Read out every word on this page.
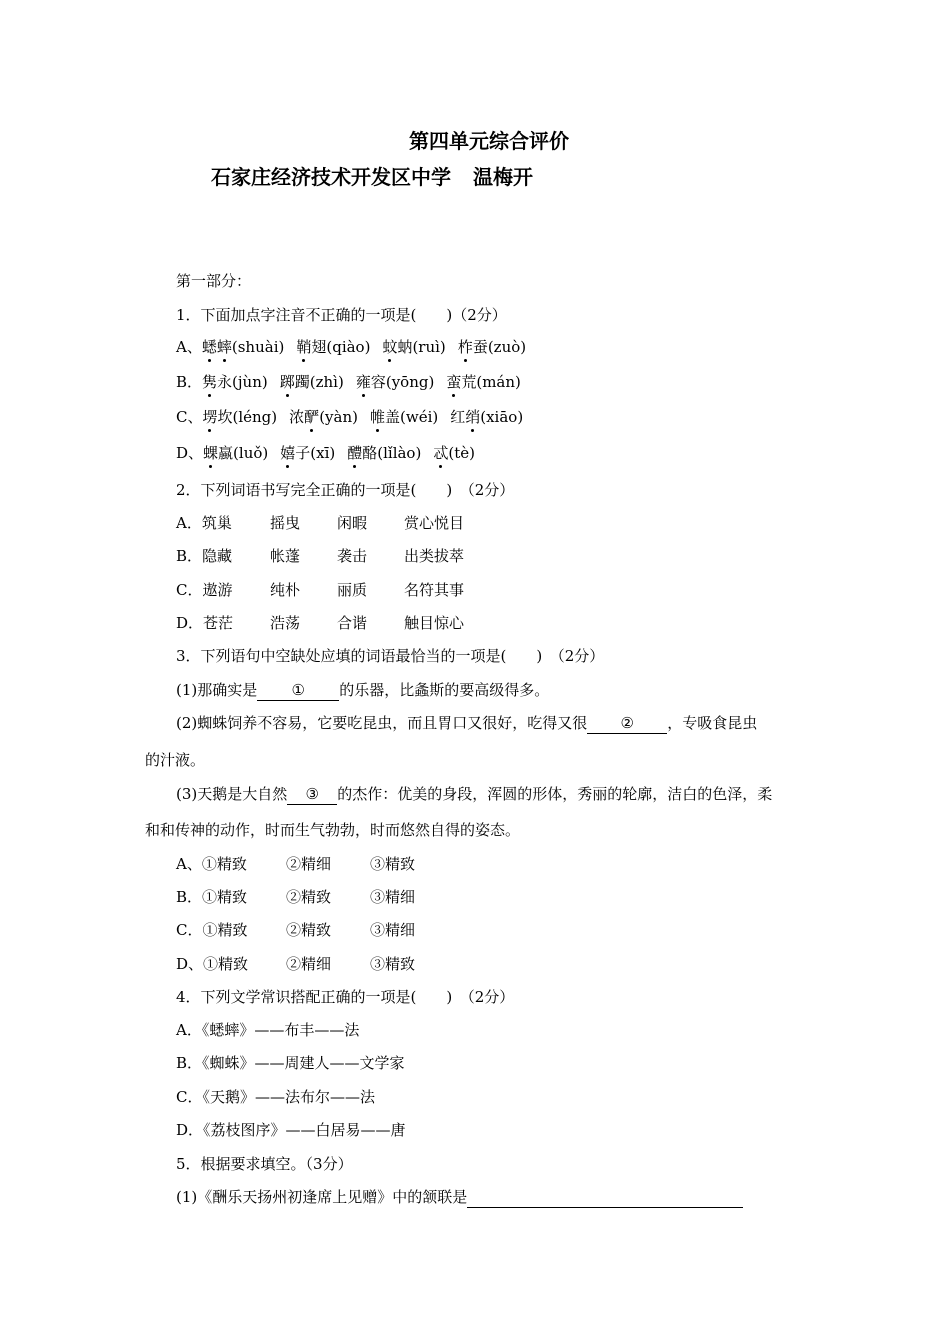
第四单元综合评价
石家庄经济技术开发区中学 温梅开
第一部分：
1．下面加点字注音不正确的一项是(　　)（2分）
A、蟋蟀(shuài) 鞘翅(qiào) 蚊蚋(ruì) 柞蚕(zuò)
B．隽永(jùn) 踯躅(zhì) 雍容(yōng) 蛮荒(mán)
C、塄坎(léng) 浓酽(yàn) 帷盖(wéi) 红绡(xiāo)
D、蜾蠃(luǒ) 嬉子(xī) 醴酪(lǐlào) 忒(tè)
2．下列词语书写完全正确的一项是(　　)　（2分）
A．筑巢	摇曳 闲暇 赏心悦目
B．隐藏	帐蓬 袭击 出类拔萃
C．遨游	纯朴 丽质 名符其事
D．苍茫 浩荡 合谐 触目惊心
3．下列语句中空缺处应填的词语最恰当的一项是(　　)　（2分）
(1)那确实是 ① 的乐器，比螽斯的要高级得多。
(2)蜘蛛饲养不容易，它要吃昆虫，而且胃口又很好，吃得又很 ② ，专吸食昆虫
的汁液。
(3)天鹅是大自然 ③ 的杰作：优美的身段，浑圆的形体，秀丽的轮廓，洁白的色泽，柔
和和传神的动作，时而生气勃勃，时而悠然自得的姿态。
A、①精致	②精细	③精致
B．①精致	②精致	③精细
C．①精致	②精致	③精细
D、①精致	②精细	③精致
4．下列文学常识搭配正确的一项是(　　)　（2分）
A．《蟋蟀》——布丰——法
B．《蜘蛛》——周建人——文学家
C．《天鹅》——法布尔——法
D．《荔枝图序》——白居易——唐
5．根据要求填空。（3分）
(1)《酬乐天扬州初逢席上见赠》中的颔联是
